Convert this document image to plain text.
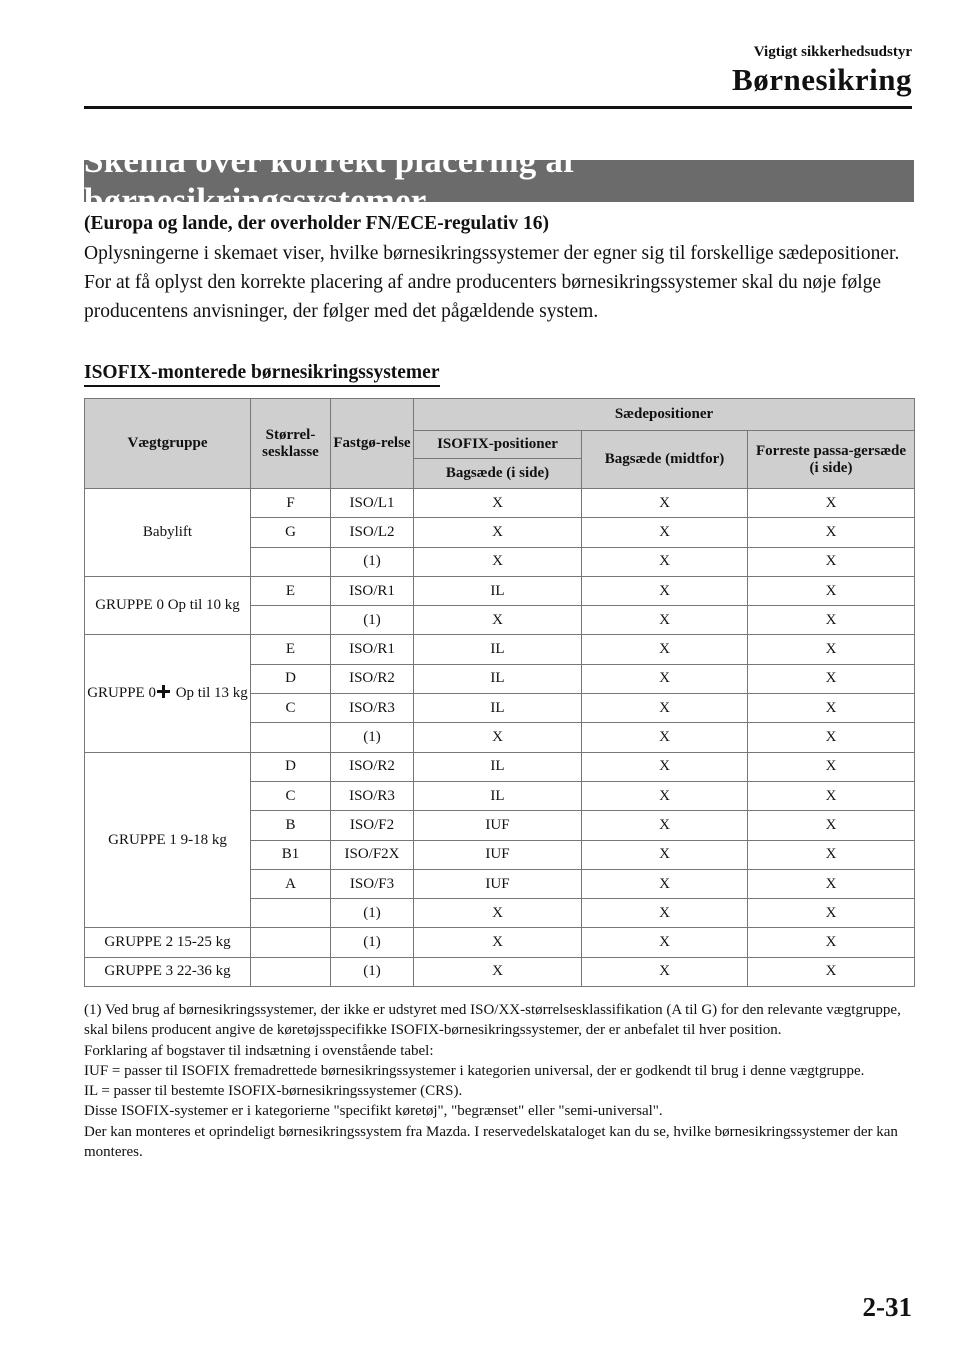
Vigtigt sikkerhedsudstyr
Børnesikring
Skema over korrekt placering af børnesikringssystemer
(Europa og lande, der overholder FN/ECE-regulativ 16)

Oplysningerne i skemaet viser, hvilke børnesikringssystemer der egner sig til forskellige sædepositioner. For at få oplyst den korrekte placering af andre producenters børnesikringssystemer skal du nøje følge producentens anvisninger, der følger med det pågældende system.

ISOFIX-monterede børnesikringssystemer
Vægtgruppe	Størrel-sesklasse	Fastgø-relse	Sædepositioner		
			ISOFIX-positioner	Bagsæde (midtfor)	Forreste passa-gersæde (i side)
			Bagsæde (i side)		
Babylift	F	ISO/L1	X	X	X
	G	ISO/L2	X	X	X
		(1)	X	X	X
GRUPPE 0 Op til 10 kg	E	ISO/R1	IL	X	X
		(1)	X	X	X
GRUPPE 0 Op til 13 kg	E	ISO/R1	IL	X	X
	D	ISO/R2	IL	X	X
	C	ISO/R3	IL	X	X
		(1)	X	X	X
GRUPPE 1 9-18 kg	D	ISO/R2	IL	X	X
	C	ISO/R3	IL	X	X
	B	ISO/F2	IUF	X	X
	B1	ISO/F2X	IUF	X	X
	A	ISO/F3	IUF	X	X
		(1)	X	X	X
GRUPPE 2 15-25 kg		(1)	X	X	X
GRUPPE 3 22-36 kg		(1)	X	X	X

(1) Ved brug af børnesikringssystemer, der ikke er udstyret med ISO/XX-størrelsesklassifikation (A til G) for den relevante vægtgruppe, skal bilens producent angive de køretøjsspecifikke ISOFIX-børnesikringssystemer, der er anbefalet til hver position.

Forklaring af bogstaver til indsætning i ovenstående tabel:

IUF = passer til ISOFIX fremadrettede børnesikringssystemer i kategorien universal, der er godkendt til brug i denne vægtgruppe.

IL = passer til bestemte ISOFIX-børnesikringssystemer (CRS).

Disse ISOFIX-systemer er i kategorierne "specifikt køretøj", "begrænset" eller "semi-universal".

Der kan monteres et oprindeligt børnesikringssystem fra Mazda. I reservedelskataloget kan du se, hvilke børnesikringssystemer der kan monteres.

2-31
